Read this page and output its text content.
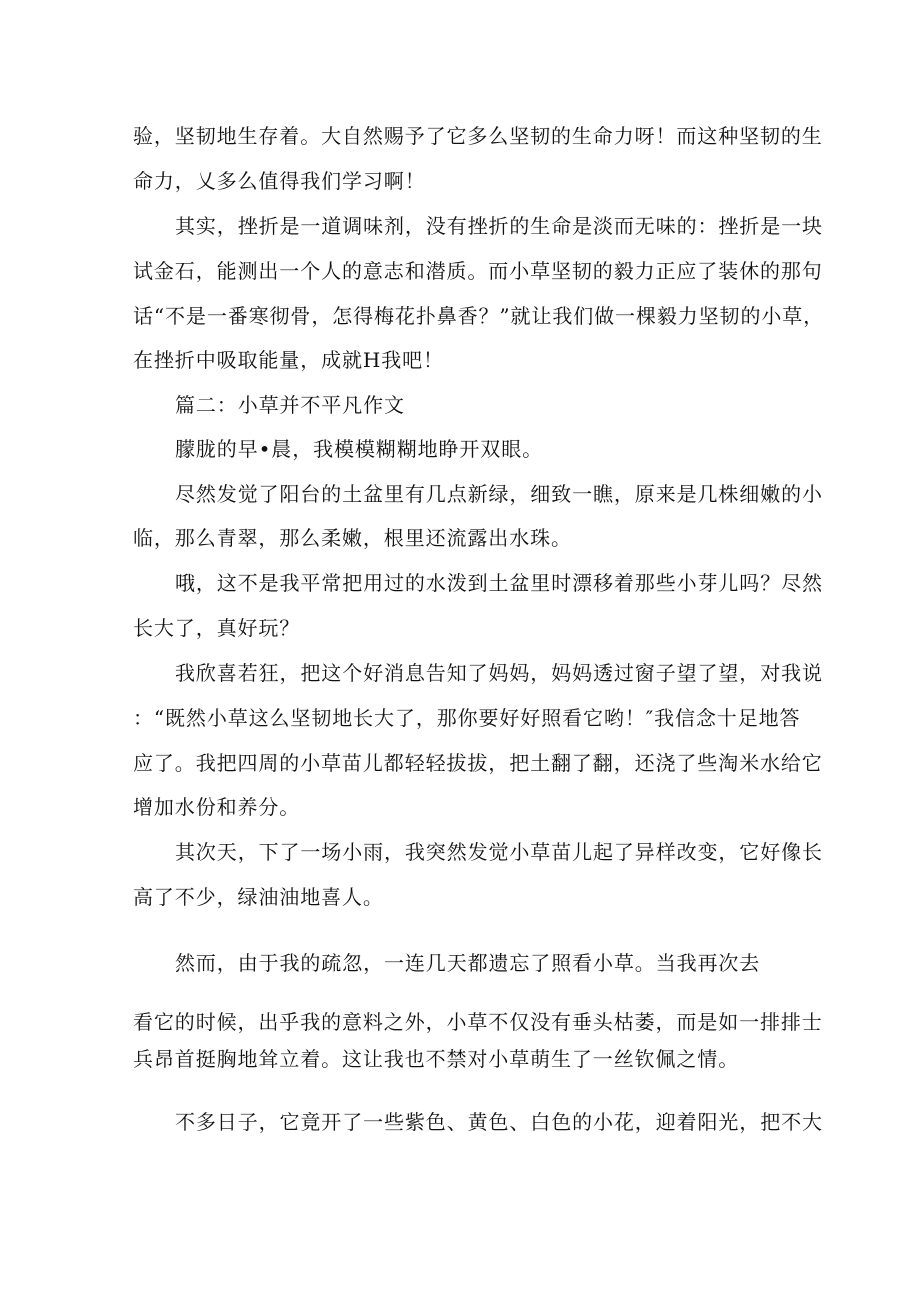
验，坚韧地生存着。大自然赐予了它多么坚韧的生命力呀！而这种坚韧的生
命力，乂多么值得我们学习啊！
其实，挫折是一道调味剂，没有挫折的生命是淡而无味的：挫折是一块
试金石，能测出一个人的意志和潜质。而小草坚韧的毅力正应了装休的那句
话“不是一番寒彻骨，怎得梅花扑鼻香？”就让我们做一棵毅力坚韧的小草，
在挫折中吸取能量，成就H我吧！
篇二：小草并不平凡作文
朦胧的早•晨，我模模糊糊地睁开双眼。
尽然发觉了阳台的土盆里有几点新绿，细致一瞧，原来是几株细嫩的小
临，那么青翠，那么柔嫩，根里还流露出水珠。
哦，这不是我平常把用过的水泼到土盆里时漂移着那些小芽儿吗？尽然
长大了，真好玩？
我欣喜若狂，把这个好消息告知了妈妈，妈妈透过窗子望了望，对我说
：“既然小草这么坚韧地长大了，那你要好好照看它哟！″我信念十足地答
应了。我把四周的小草苗儿都轻轻拔拔，把土翻了翻，还浇了些淘米水给它
增加水份和养分。
其次天，下了一场小雨，我突然发觉小草苗儿起了异样改变，它好像长
高了不少，绿油油地喜人。
然而，由于我的疏忽，一连几天都遗忘了照看小草。当我再次去
看它的时候，出乎我的意料之外，小草不仅没有垂头枯萎，而是如一排排士
兵昂首挺胸地耸立着。这让我也不禁对小草萌生了一丝钦佩之情。
不多日子，它竟开了一些紫色、黄色、白色的小花，迎着阳光，把不大
